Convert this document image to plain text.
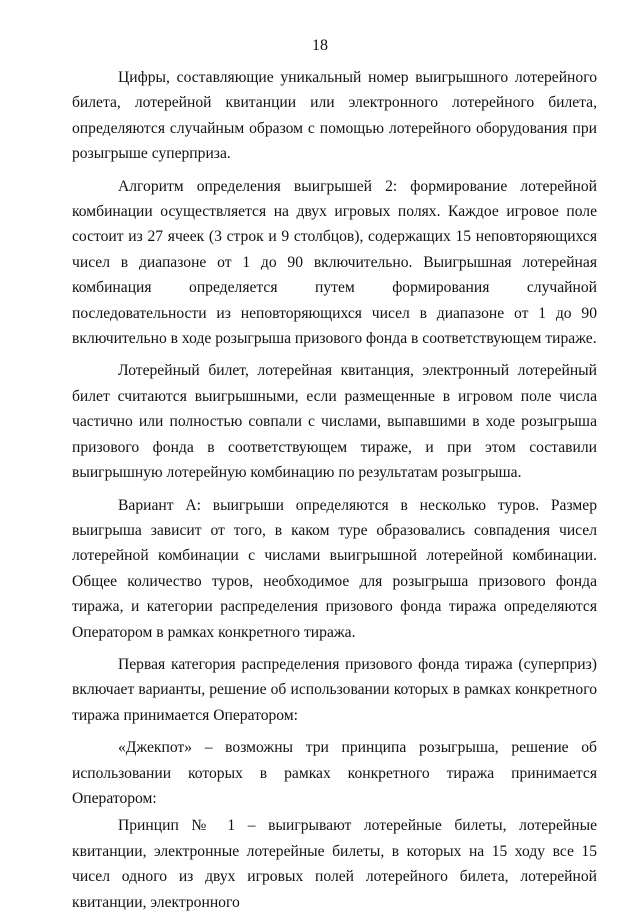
18

Цифры, составляющие уникальный номер выигрышного лотерейного билета, лотерейной квитанции или электронного лотерейного билета, определяются случайным образом с помощью лотерейного оборудования при розыгрыше суперприза.

Алгоритм определения выигрышей 2: формирование лотерейной комбинации осуществляется на двух игровых полях. Каждое игровое поле состоит из 27 ячеек (3 строк и 9 столбцов), содержащих 15 неповторяющихся чисел в диапазоне от 1 до 90 включительно. Выигрышная лотерейная комбинация определяется путем формирования случайной последовательности из неповторяющихся чисел в диапазоне от 1 до 90 включительно в ходе розыгрыша призового фонда в соответствующем тираже.

Лотерейный билет, лотерейная квитанция, электронный лотерейный билет считаются выигрышными, если размещенные в игровом поле числа частично или полностью совпали с числами, выпавшими в ходе розыгрыша призового фонда в соответствующем тираже, и при этом составили выигрышную лотерейную комбинацию по результатам розыгрыша.

Вариант А: выигрыши определяются в несколько туров. Размер выигрыша зависит от того, в каком туре образовались совпадения чисел лотерейной комбинации с числами выигрышной лотерейной комбинации. Общее количество туров, необходимое для розыгрыша призового фонда тиража, и категории распределения призового фонда тиража определяются Оператором в рамках конкретного тиража.

Первая категория распределения призового фонда тиража (суперприз) включает варианты, решение об использовании которых в рамках конкретного тиража принимается Оператором:

«Джекпот» – возможны три принципа розыгрыша, решение об использовании которых в рамках конкретного тиража принимается Оператором:

Принцип № 1 – выигрывают лотерейные билеты, лотерейные квитанции, электронные лотерейные билеты, в которых на 15 ходу все 15 чисел одного из двух игровых полей лотерейного билета, лотерейной квитанции, электронного
